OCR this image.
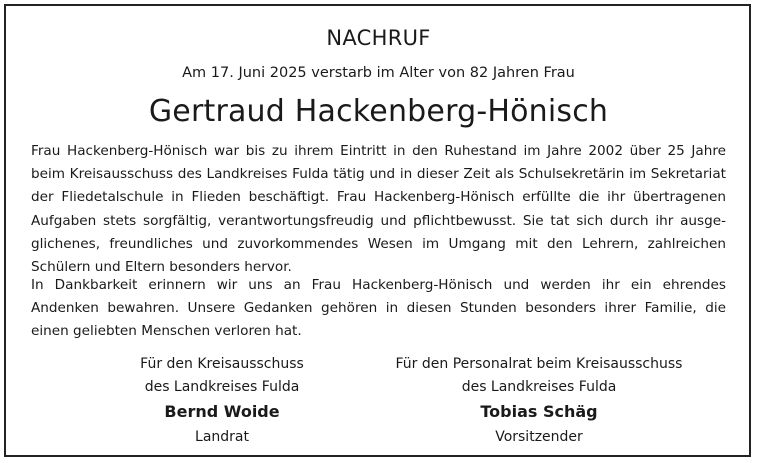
NACHRUF
Am 17. Juni 2025 verstarb im Alter von 82 Jahren Frau
Gertraud Hackenberg-Hönisch
Frau Hackenberg-Hönisch war bis zu ihrem Eintritt in den Ruhestand im Jahre 2002 über 25 Jahre
beim Kreisausschuss des Landkreises Fulda tätig und in dieser Zeit als Schulsekretärin im Sekretariat
der Fliedetalschule in Flieden beschäftigt. Frau Hackenberg-Hönisch erfüllte die ihr übertragenen
Aufgaben stets sorgfältig, verantwortungsfreudig und pflichtbewusst. Sie tat sich durch ihr ausge-
glichenes, freundliches und zuvorkommendes Wesen im Umgang mit den Lehrern, zahlreichen
Schülern und Eltern besonders hervor.
In Dankbarkeit erinnern wir uns an Frau Hackenberg-Hönisch und werden ihr ein ehrendes
Andenken bewahren. Unsere Gedanken gehören in diesen Stunden besonders ihrer Familie, die
einen geliebten Menschen verloren hat.
Für den Kreisausschuss
des Landkreises Fulda
Bernd Woide
Landrat
Für den Personalrat beim Kreisausschuss
des Landkreises Fulda
Tobias Schäg
Vorsitzender
